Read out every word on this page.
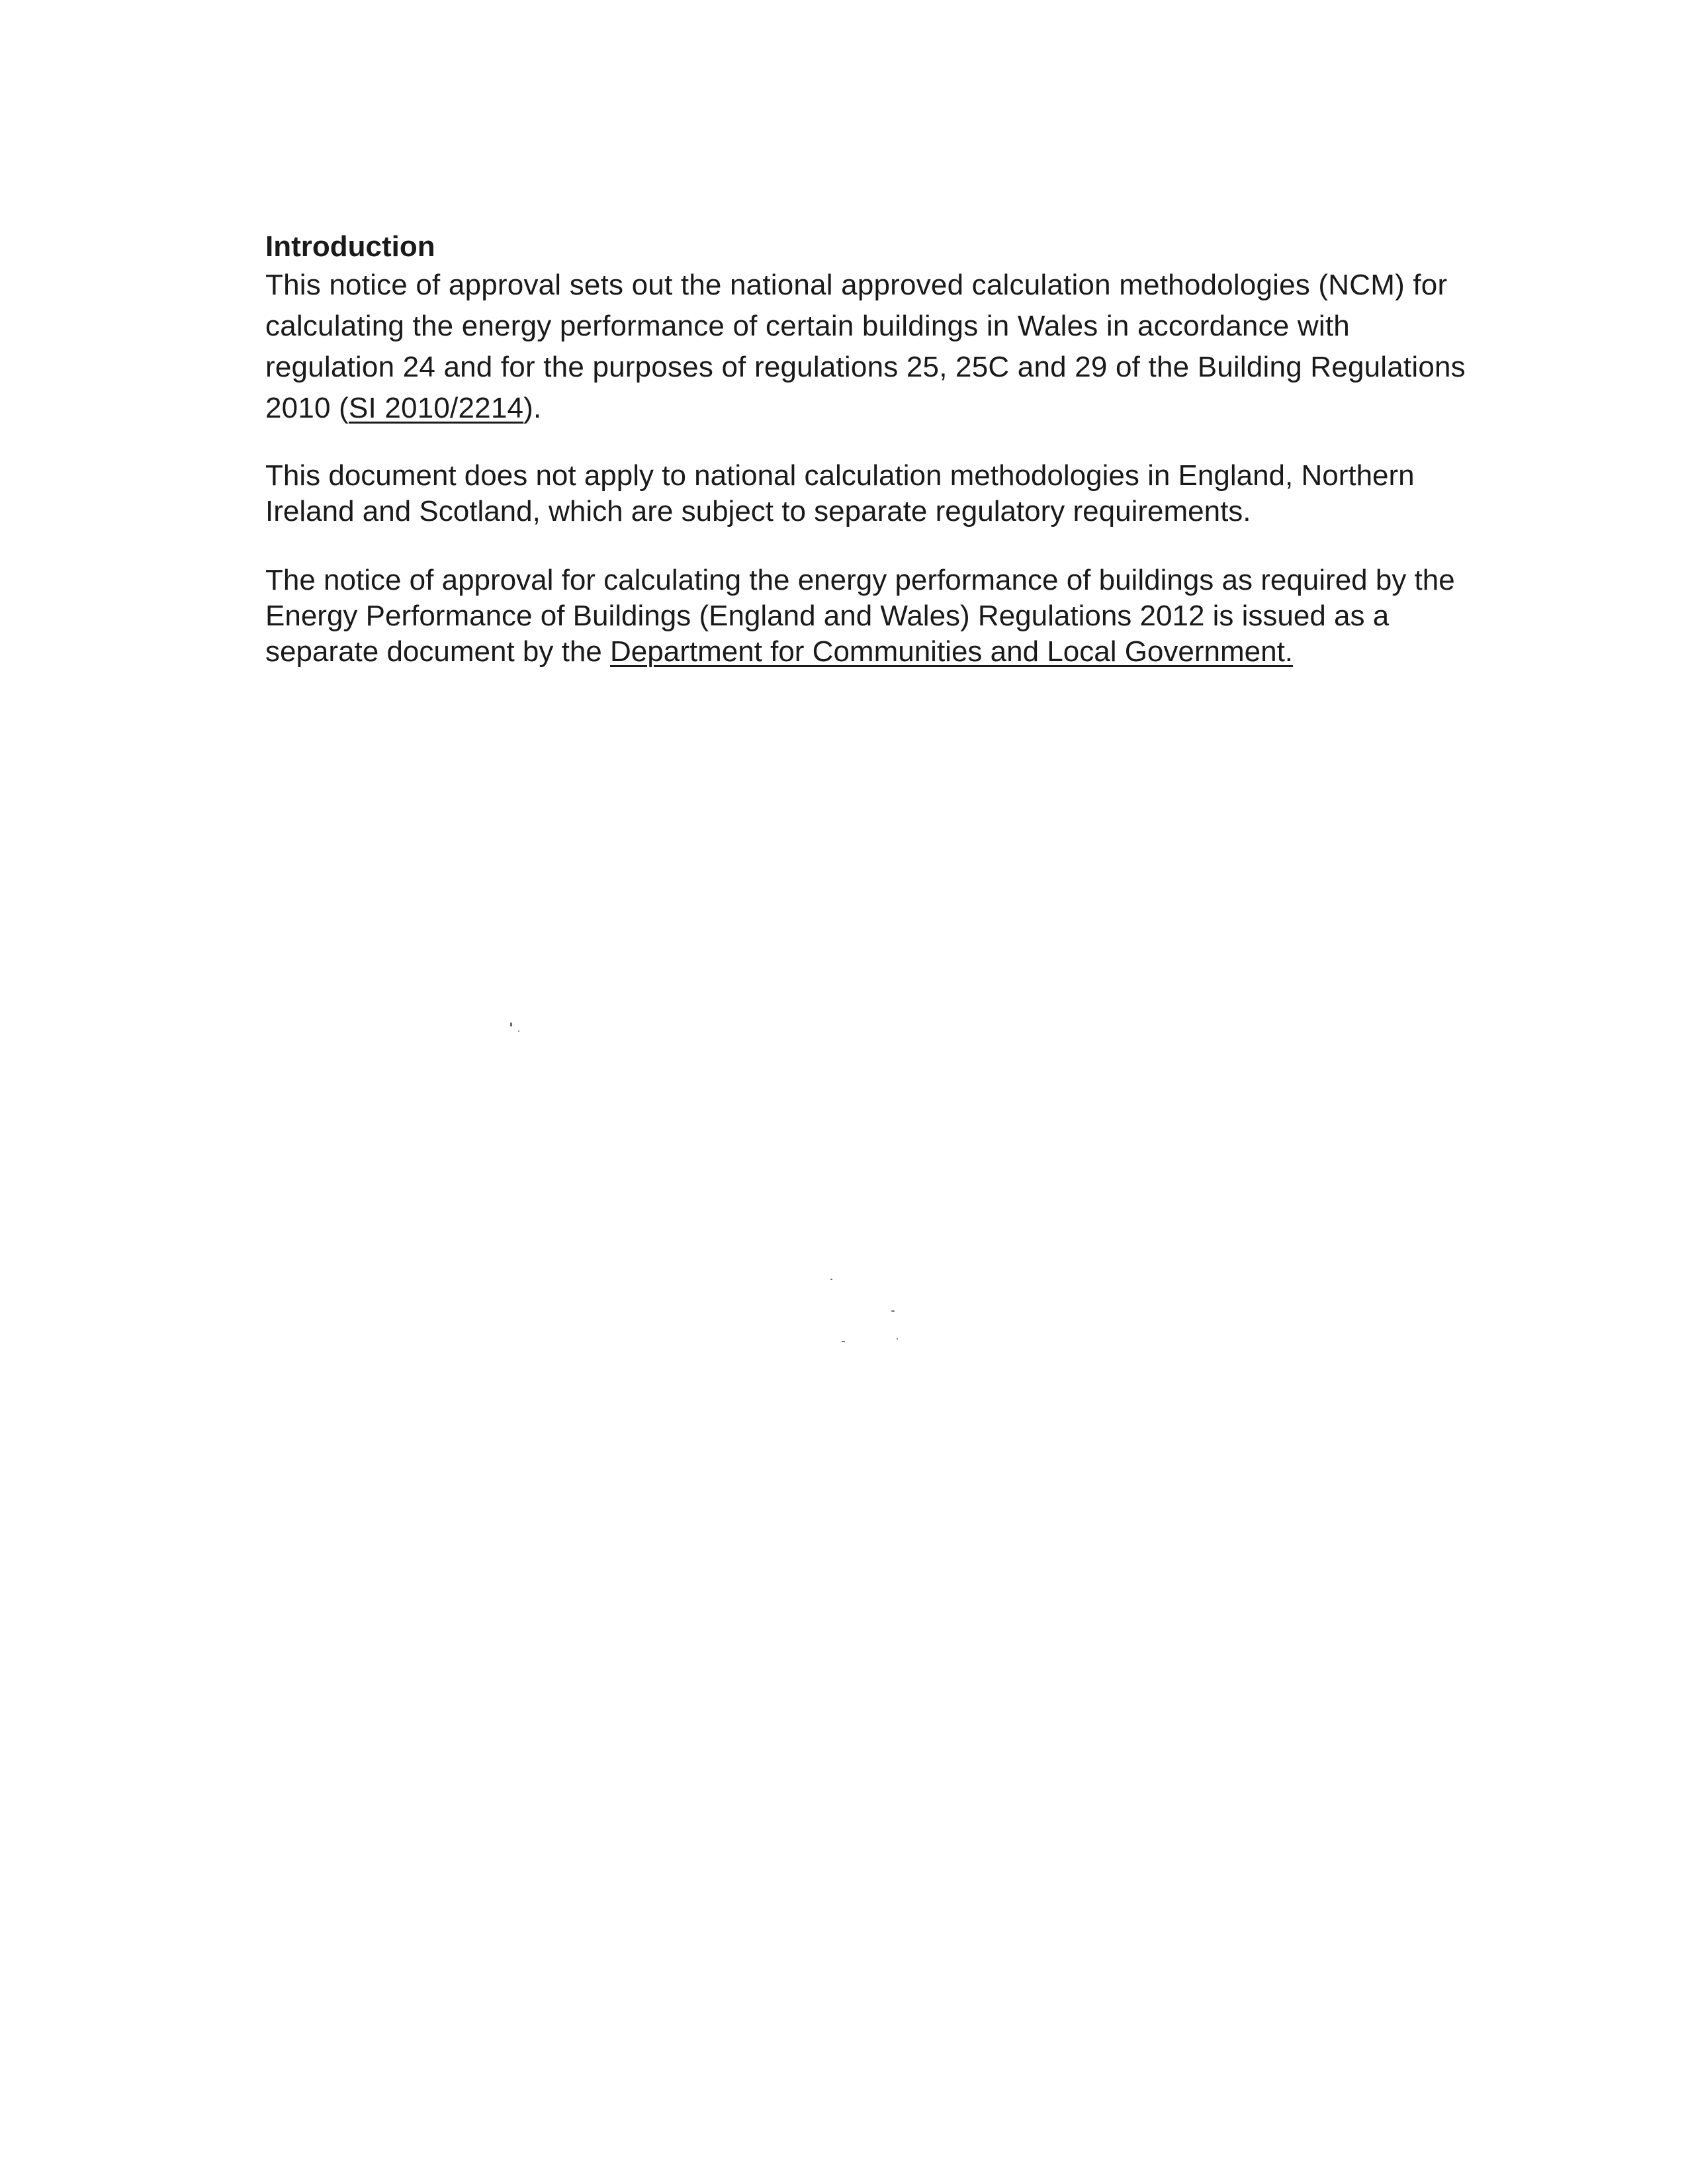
Introduction

This notice of approval sets out the national approved calculation methodologies (NCM) for calculating the energy performance of certain buildings in Wales in accordance with regulation 24 and for the purposes of regulations 25, 25C and 29 of the Building Regulations 2010 (SI 2010/2214).

This document does not apply to national calculation methodologies in England, Northern Ireland and Scotland, which are subject to separate regulatory requirements.

The notice of approval for calculating the energy performance of buildings as required by the Energy Performance of Buildings (England and Wales) Regulations 2012 is issued as a separate document by the Department for Communities and Local Government.
